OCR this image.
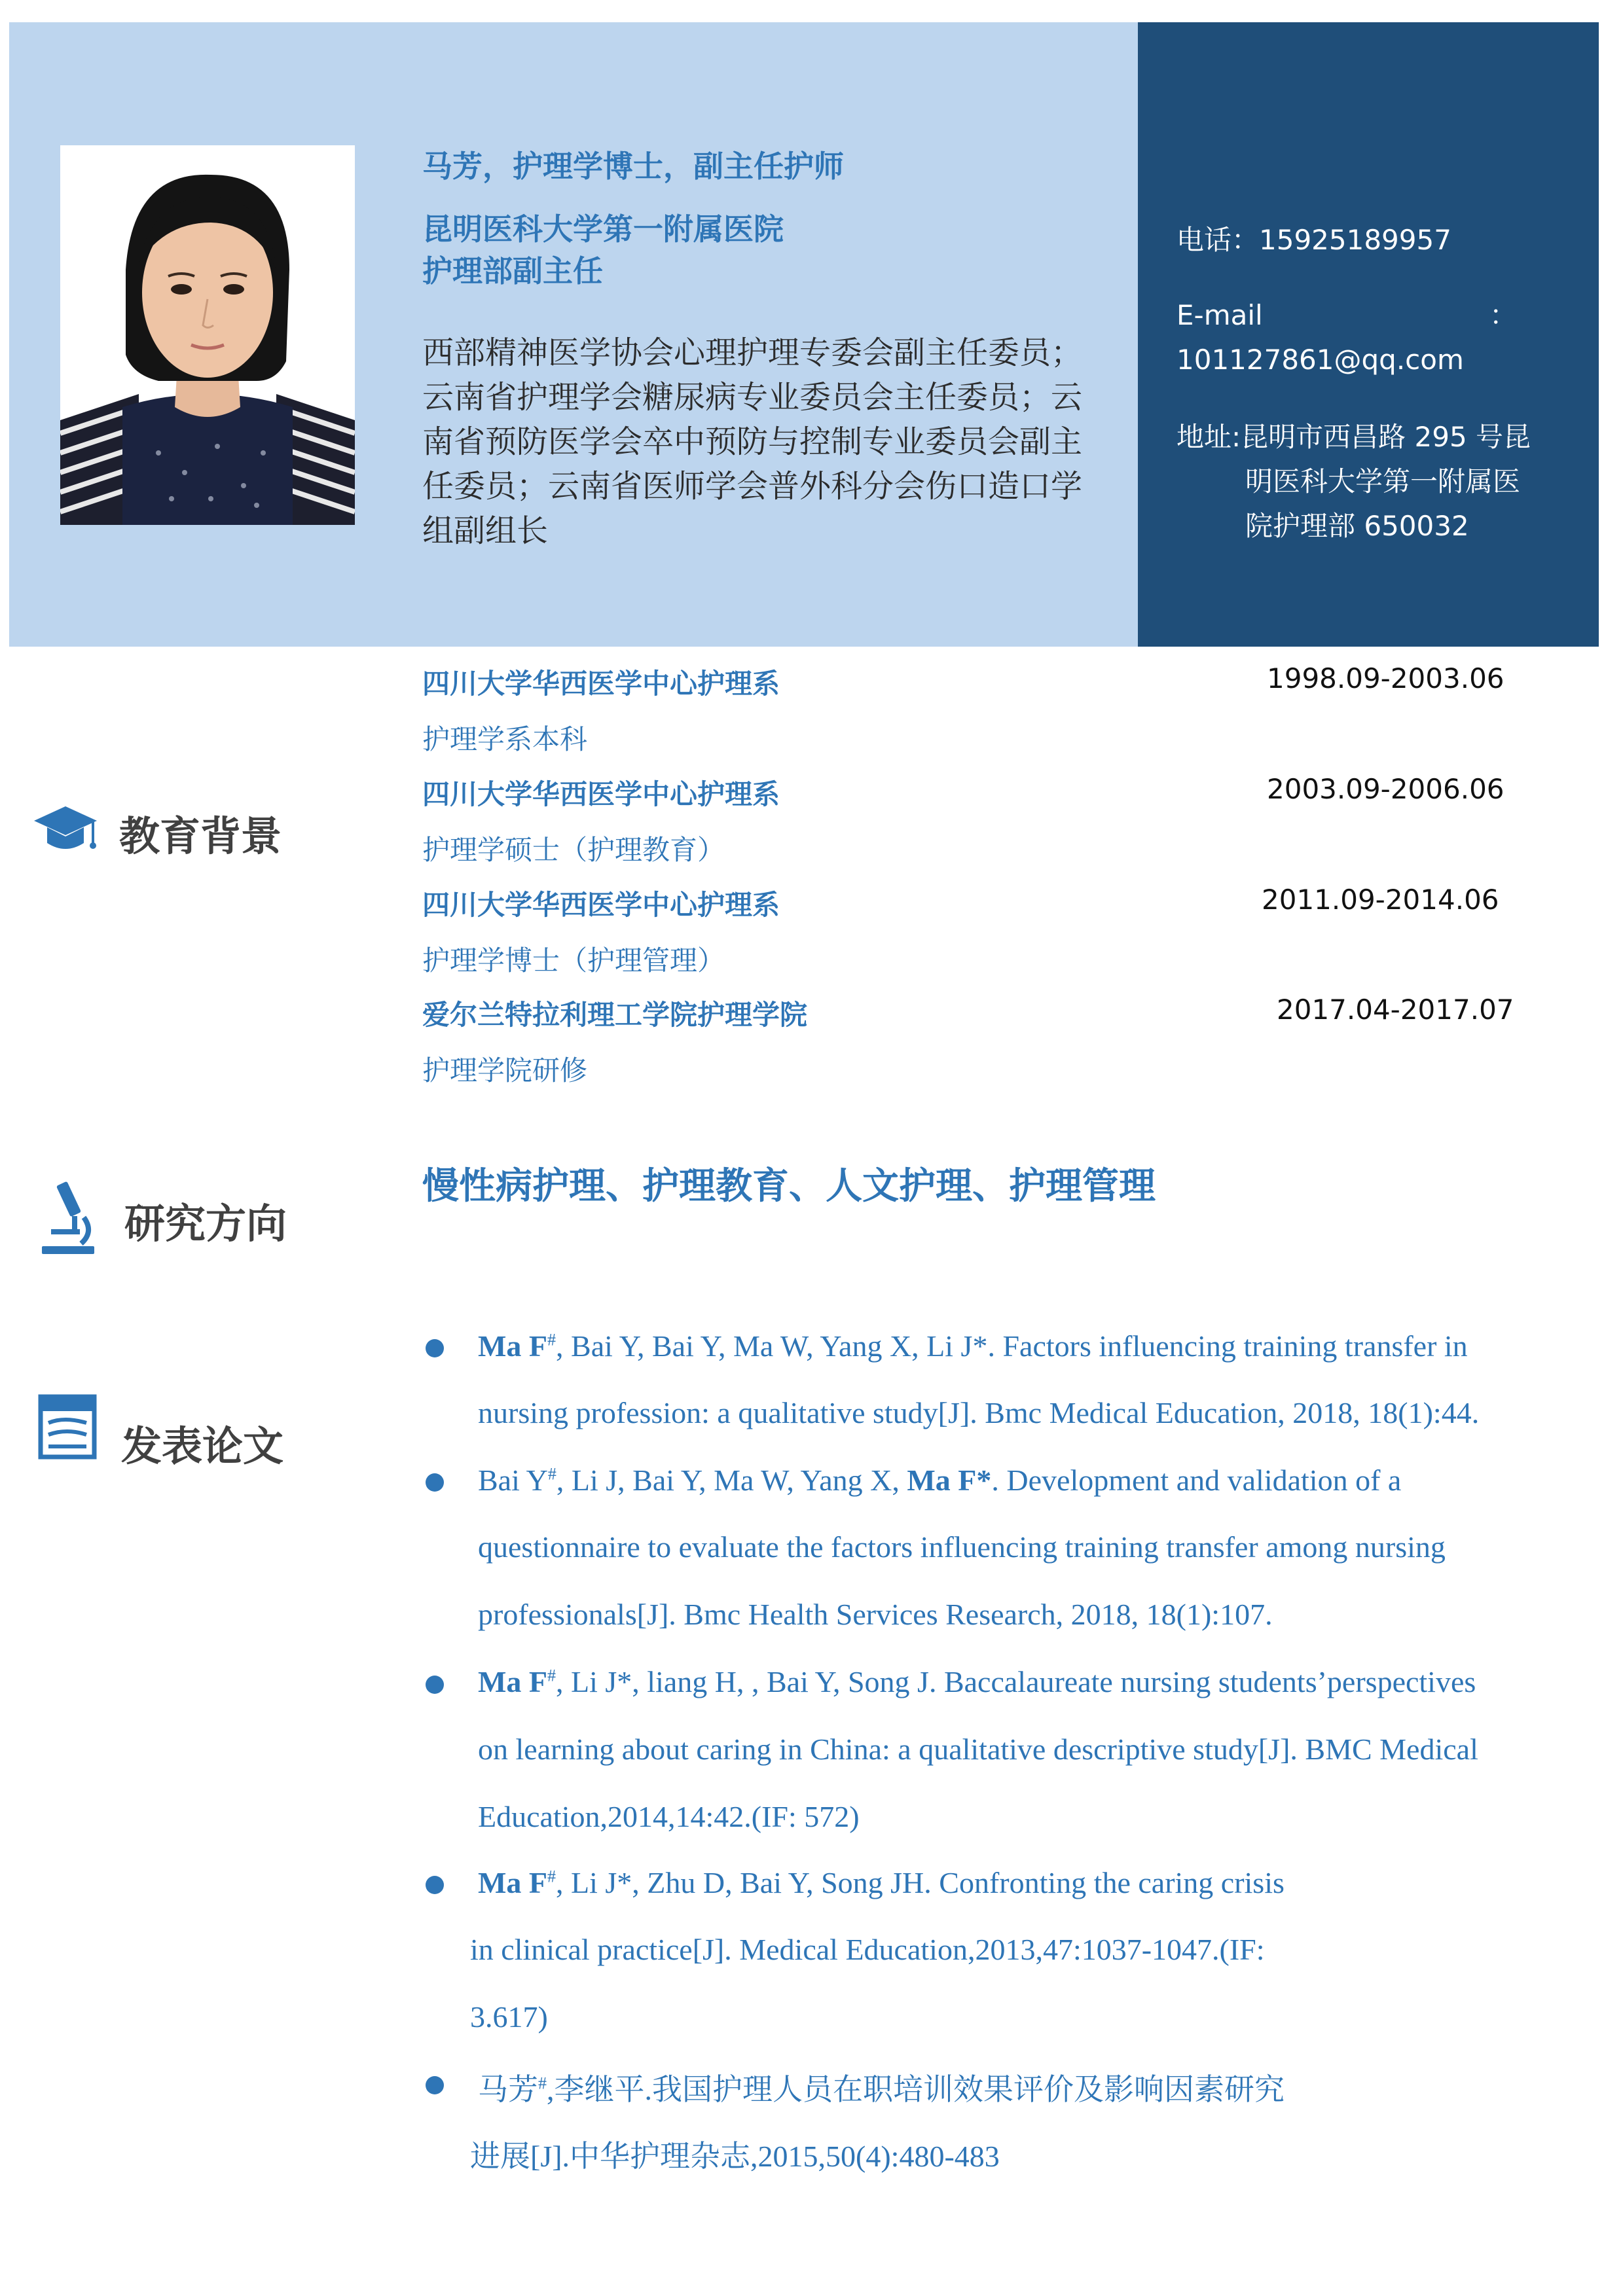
马芳，护理学博士，副主任护师
昆明医科大学第一附属医院
护理部副主任
西部精神医学协会心理护理专委会副主任委员；
云南省护理学会糖尿病专业委员会主任委员；云
南省预防医学会卒中预防与控制专业委员会副主
任委员；云南省医师学会普外科分会伤口造口学
组副组长
电话：15925189957
E-mail	：
101127861@qq.com
地址:昆明市西昌路 295 号昆
明医科大学第一附属医
院护理部 650032
教育背景
四川大学华西医学中心护理系	1998.09-2003.06
护理学系本科
四川大学华西医学中心护理系	2003.09-2006.06
护理学硕士（护理教育）
四川大学华西医学中心护理系	2011.09-2014.06
护理学博士（护理管理）
爱尔兰特拉利理工学院护理学院	2017.04-2017.07
护理学院研修
研究方向
慢性病护理、护理教育、人文护理、护理管理
发表论文
Ma F#, Bai Y, Bai Y, Ma W, Yang X, Li J*. Factors influencing training transfer in
nursing profession: a qualitative study[J]. Bmc Medical Education, 2018, 18(1):44.
Bai Y#, Li J, Bai Y, Ma W, Yang X, Ma F*. Development and validation of a
questionnaire to evaluate the factors influencing training transfer among nursing
professionals[J]. Bmc Health Services Research, 2018, 18(1):107.
Ma F#, Li J*, liang H, , Bai Y, Song J. Baccalaureate nursing students’perspectives
on learning about caring in China: a qualitative descriptive study[J]. BMC Medical
Education,2014,14:42.(IF: 572)
Ma F#, Li J*, Zhu D, Bai Y, Song JH. Confronting the caring crisis
in clinical practice[J]. Medical Education,2013,47:1037-1047.(IF:
3.617)
马芳#,李继平.我国护理人员在职培训效果评价及影响因素研究
进展[J].中华护理杂志,2015,50(4):480-483
